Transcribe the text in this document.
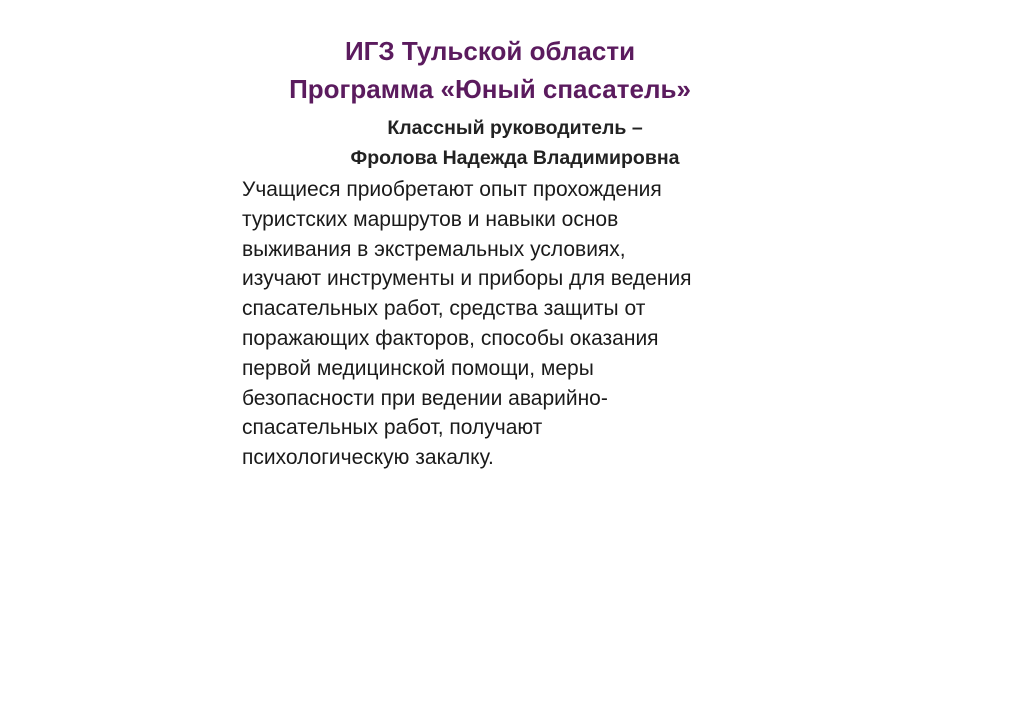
ИГЗ Тульской области
Программа «Юный спасатель»
Классный руководитель –
Фролова Надежда Владимировна

Учащиеся приобретают опыт прохождения
туристских маршрутов и навыки основ
выживания в экстремальных условиях,
изучают инструменты и приборы для ведения
спасательных работ, средства защиты от
поражающих факторов, способы оказания
первой медицинской помощи, меры
безопасности при ведении аварийно-
спасательных работ, получают
психологическую закалку.
